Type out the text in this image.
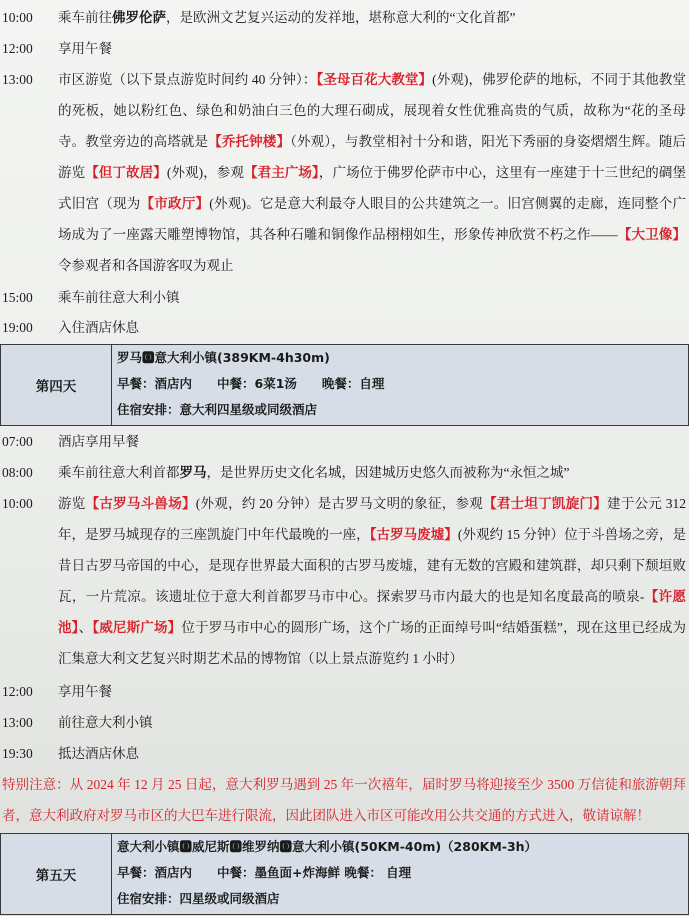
10:00 乘车前往佛罗伦萨，是欧洲文艺复兴运动的发祥地，堪称意大利的“文化首都”
12:00 享用午餐
13:00 市区游览（以下景点游览时间约 40 分钟）：【圣母百花大教堂】(外观)，佛罗伦萨的地标，不同于其他教堂的死板，她以粉红色、绿色和奶油白三色的大理石砌成，展现着女性优雅高贵的气质，故称为“花的圣母寺。教堂旁边的高塔就是【乔托钟楼】（外观），与教堂相衬十分和谐，阳光下秀丽的身姿熠熠生辉。随后游览【但丁故居】(外观)，参观【君主广场】，广场位于佛罗伦萨市中心，这里有一座建于十三世纪的碉堡式旧宫（现为【市政厅】(外观)。它是意大利最夺人眼目的公共建筑之一。旧宫侧翼的走廊，连同整个广场成为了一座露天雕塑博物馆，其各种石雕和铜像作品栩栩如生，形象传神欣赏不朽之作——【大卫像】令参观者和各国游客叹为观止
15:00 乘车前往意大利小镇
19:00 入住酒店休息
第四天
罗马🅾意大利小镇(389KM-4h30m)
早餐：酒店内　　中餐：6菜1汤　　晚餐：自理
住宿安排：意大利四星级或同级酒店
07:00 酒店享用早餐
08:00 乘车前往意大利首都罗马，是世界历史文化名城，因建城历史悠久而被称为“永恒之城”
10:00 游览【古罗马斗兽场】(外观，约 20 分钟）是古罗马文明的象征，参观【君士坦丁凯旋门】建于公元 312 年，是罗马城现存的三座凯旋门中年代最晚的一座，【古罗马废墟】(外观约 15 分钟）位于斗兽场之旁，是昔日古罗马帝国的中心，是现存世界最大面积的古罗马废墟，建有无数的宫殿和建筑群，却只剩下颓垣败瓦，一片荒凉。该遗址位于意大利首都罗马市中心。探索罗马市内最大的也是知名度最高的喷泉-【许愿池】、【威尼斯广场】位于罗马市中心的圆形广场，这个广场的正面绰号叫“结婚蛋糕”，现在这里已经成为汇集意大利文艺复兴时期艺术品的博物馆（以上景点游览约 1 小时）
12:00 享用午餐
13:00 前往意大利小镇
19:30 抵达酒店休息
特别注意：从 2024 年 12 月 25 日起，意大利罗马遇到 25 年一次禧年，届时罗马将迎接至少 3500 万信徒和旅游朝拜者，意大利政府对罗马市区的大巴车进行限流，因此团队进入市区可能改用公共交通的方式进入，敬请谅解！
第五天
意大利小镇🅾威尼斯🅾维罗纳🅾意大利小镇(50KM-40m)（280KM-3h）
早餐：酒店内　　中餐：墨鱼面+炸海鲜 晚餐： 自理
住宿安排：四星级或同级酒店
